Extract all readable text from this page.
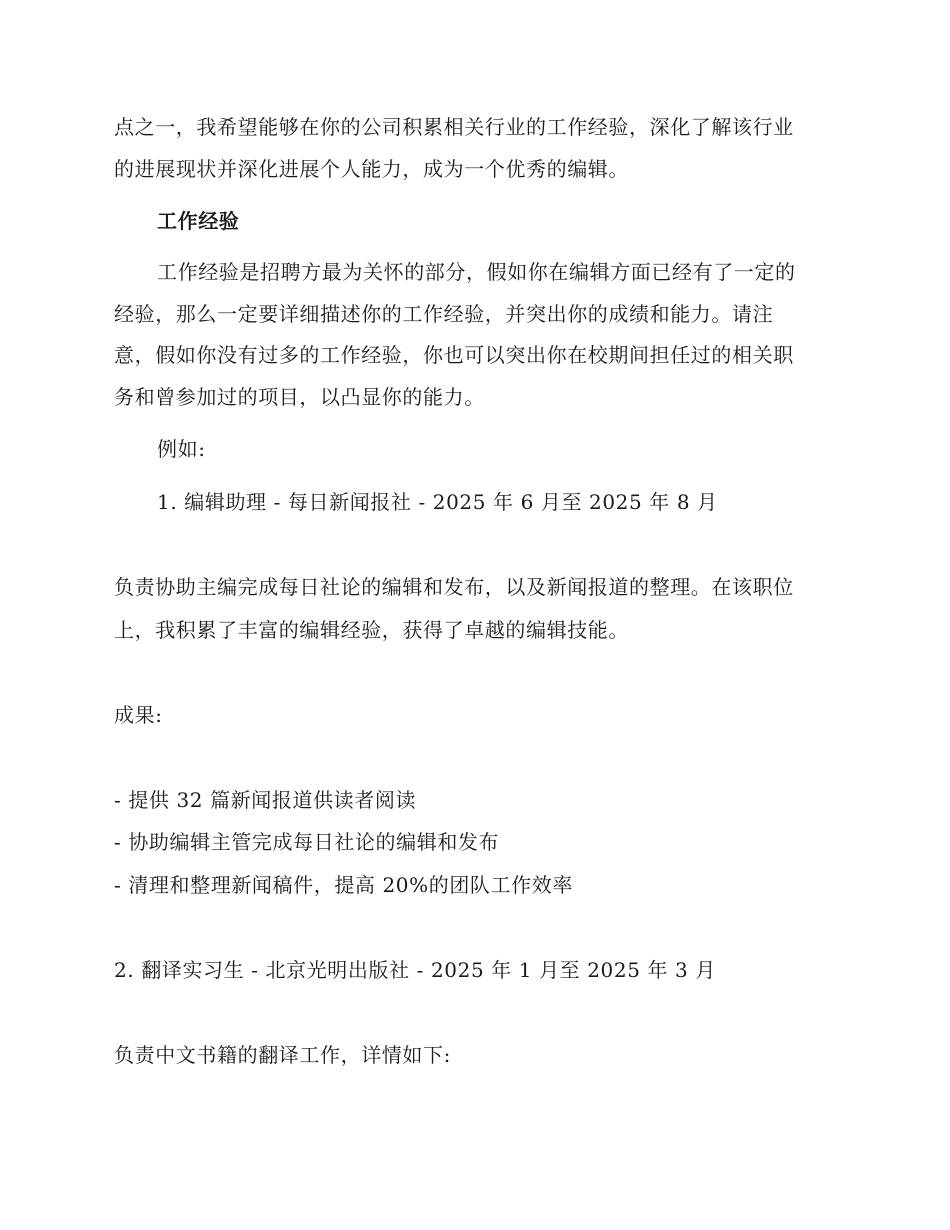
点之一，我希望能够在你的公司积累相关行业的工作经验，深化了解该行业
的进展现状并深化进展个人能力，成为一个优秀的编辑。
工作经验
工作经验是招聘方最为关怀的部分，假如你在编辑方面已经有了一定的
经验，那么一定要详细描述你的工作经验，并突出你的成绩和能力。请注
意，假如你没有过多的工作经验，你也可以突出你在校期间担任过的相关职
务和曾参加过的项目，以凸显你的能力。
例如:
1. 编辑助理 - 每日新闻报社 - 2025 年 6 月至 2025 年 8 月
负责协助主编完成每日社论的编辑和发布，以及新闻报道的整理。在该职位
上，我积累了丰富的编辑经验，获得了卓越的编辑技能。
成果:
- 提供 32 篇新闻报道供读者阅读
- 协助编辑主管完成每日社论的编辑和发布
- 清理和整理新闻稿件，提高 20%的团队工作效率
2. 翻译实习生 - 北京光明出版社 - 2025 年 1 月至 2025 年 3 月
负责中文书籍的翻译工作，详情如下:
